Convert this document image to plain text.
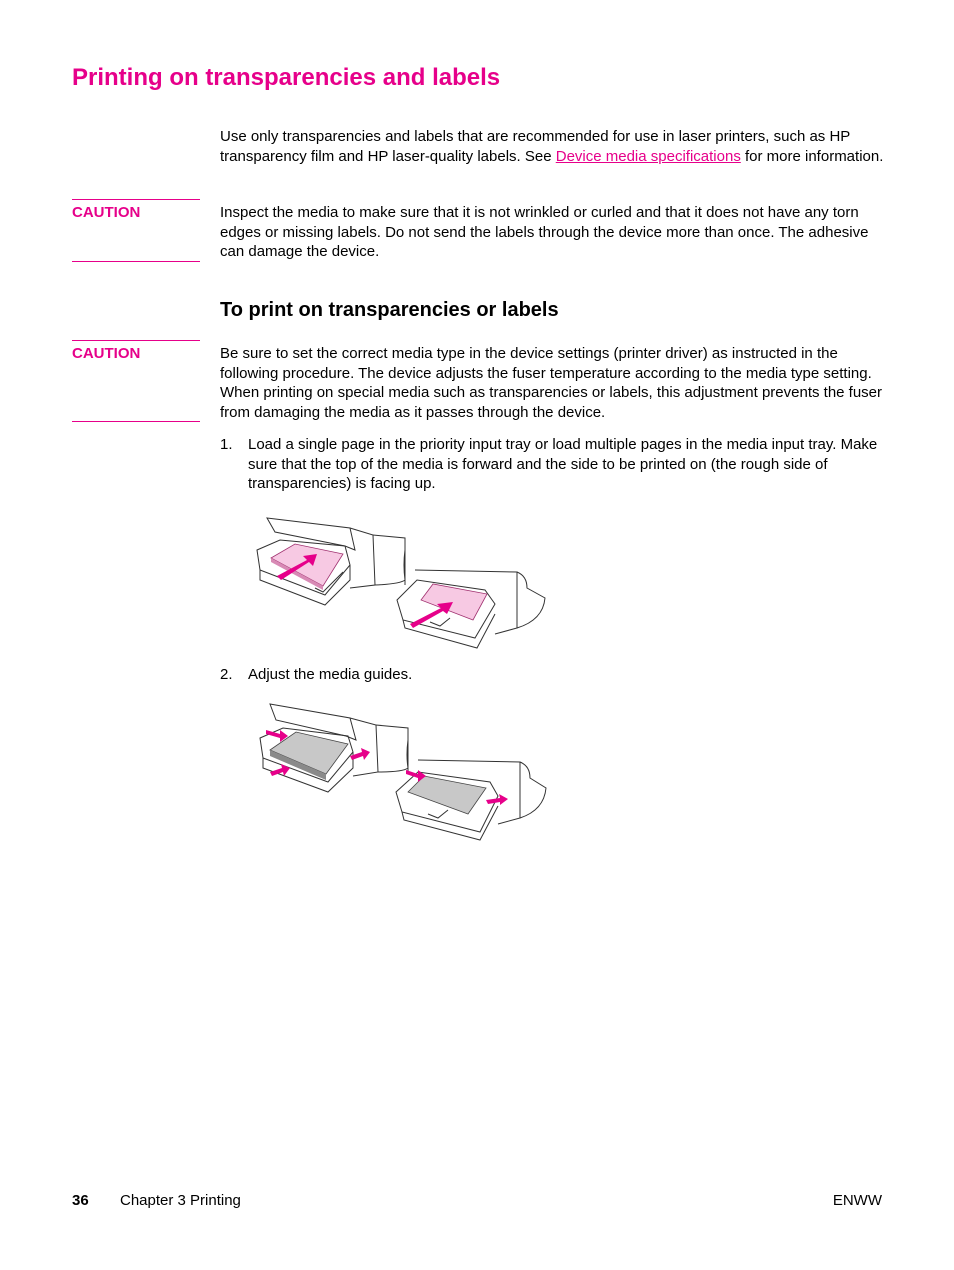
Printing on transparencies and labels

Use only transparencies and labels that are recommended for use in laser printers, such as HP transparency film and HP laser-quality labels. See Device media specifications for more information.

CAUTION	Inspect the media to make sure that it is not wrinkled or curled and that it does not have any torn edges or missing labels. Do not send the labels through the device more than once. The adhesive can damage the device.

To print on transparencies or labels
CAUTION	Be sure to set the correct media type in the device settings (printer driver) as instructed in the following procedure. The device adjusts the fuser temperature according to the media type setting. When printing on special media such as transparencies or labels, this adjustment prevents the fuser from damaging the media as it passes through the device.

1. Load a single page in the priority input tray or load multiple pages in the media input tray. Make sure that the top of the media is forward and the side to be printed on (the rough side of transparencies) is facing up.
2. Adjust the media guides.
36 Chapter 3 Printing	ENWW
